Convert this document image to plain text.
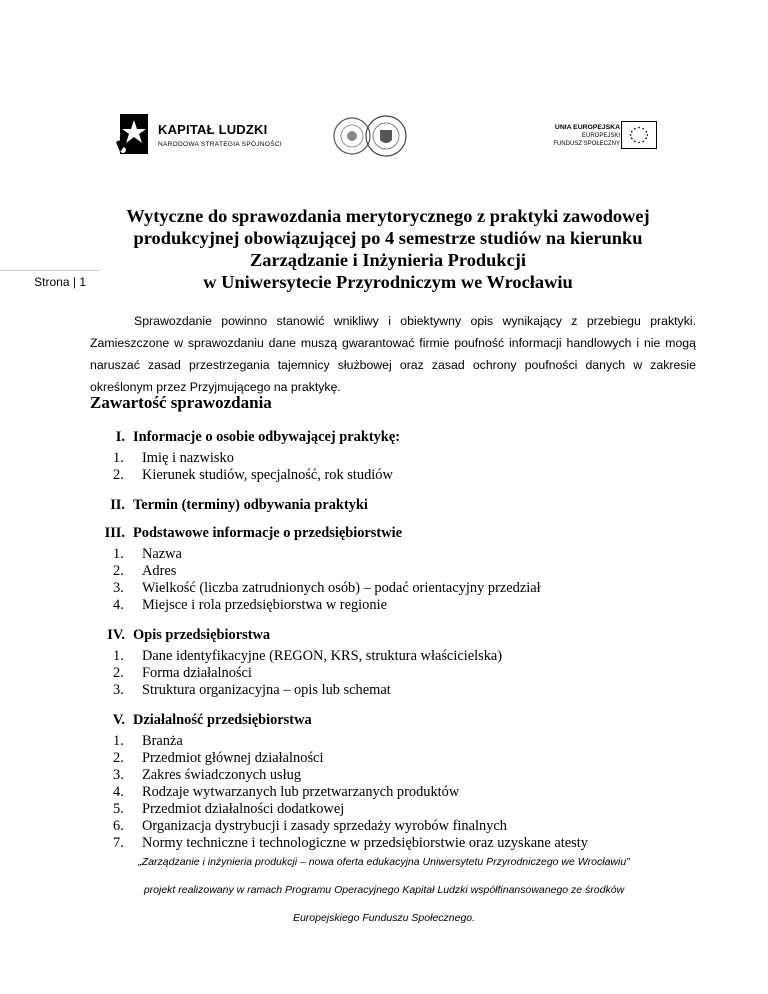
KAPITAŁ LUDZKI
NARODOWA STRATEGIA SPÓJNOŚCI
UNIA EUROPEJSKA
EUROPEJSKI
FUNDUSZ SPOŁECZNY
Strona | 1
Wytyczne do sprawozdania merytorycznego z praktyki zawodowej
produkcyjnej obowiązującej po 4 semestrze studiów na kierunku
Zarządzanie i Inżynieria Produkcji
w Uniwersytecie Przyrodniczym we Wrocławiu
Sprawozdanie powinno stanowić wnikliwy i obiektywny opis wynikający z przebiegu praktyki. Zamieszczone w sprawozdaniu dane muszą gwarantować firmie poufność informacji handlowych i nie mogą naruszać zasad przestrzegania tajemnicy służbowej oraz zasad ochrony poufności danych w zakresie określonym przez Przyjmującego na praktykę.
Zawartość sprawozdania
I. Informacje o osobie odbywającej praktykę:
1. Imię i nazwisko
2. Kierunek studiów, specjalność, rok studiów
II. Termin (terminy) odbywania praktyki
III. Podstawowe informacje o przedsiębiorstwie
1. Nazwa
2. Adres
3. Wielkość (liczba zatrudnionych osób) – podać orientacyjny przedział
4. Miejsce i rola przedsiębiorstwa w regionie
IV. Opis przedsiębiorstwa
1. Dane identyfikacyjne (REGON, KRS, struktura właścicielska)
2. Forma działalności
3. Struktura organizacyjna – opis lub schemat
V. Działalność przedsiębiorstwa
1. Branża
2. Przedmiot głównej działalności
3. Zakres świadczonych usług
4. Rodzaje wytwarzanych lub przetwarzanych produktów
5. Przedmiot działalności dodatkowej
6. Organizacja dystrybucji i zasady sprzedaży wyrobów finalnych
7. Normy techniczne i technologiczne w przedsiębiorstwie oraz uzyskane atesty
„Zarządzanie i inżynieria produkcji – nowa oferta edukacyjna Uniwersytetu Przyrodniczego we Wrocławiu”
projekt realizowany w ramach Programu Operacyjnego Kapitał Ludzki współfinansowanego ze środków
Europejskiego Funduszu Społecznego.
